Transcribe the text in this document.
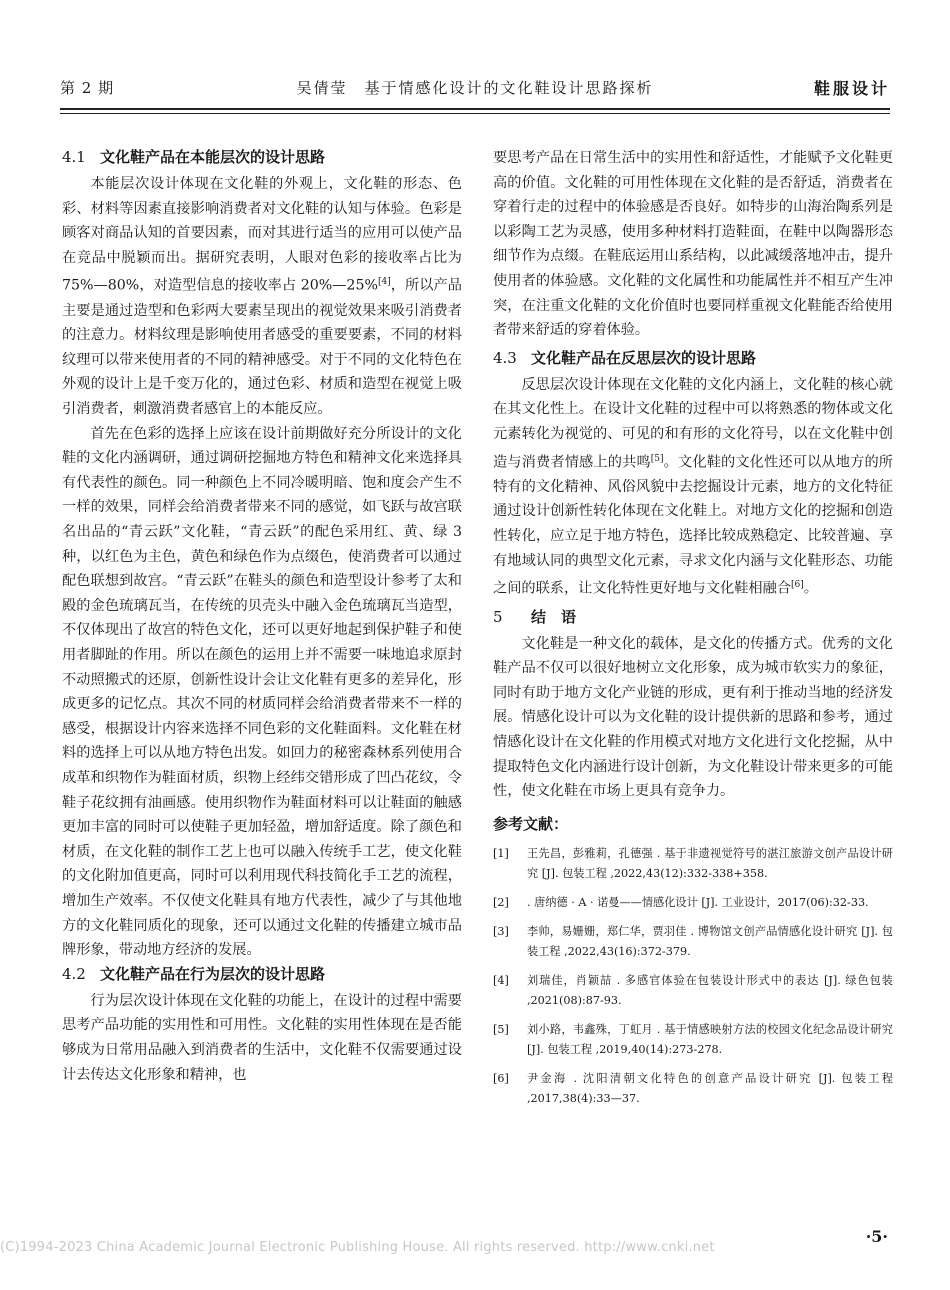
第 2 期	吴倩莹　基于情感化设计的文化鞋设计思路探析	鞋服设计
4.1 文化鞋产品在本能层次的设计思路

本能层次设计体现在文化鞋的外观上，文化鞋的形态、色彩、材料等因素直接影响消费者对文化鞋的认知与体验。色彩是顾客对商品认知的首要因素，而对其进行适当的应用可以使产品在竞品中脱颖而出。据研究表明，人眼对色彩的接收率占比为 75%—80%，对造型信息的接收率占 20%—25%[4]，所以产品主要是通过造型和色彩两大要素呈现出的视觉效果来吸引消费者的注意力。材料纹理是影响使用者感受的重要要素，不同的材料纹理可以带来使用者的不同的精神感受。对于不同的文化特色在外观的设计上是千变万化的，通过色彩、材质和造型在视觉上吸引消费者，刺激消费者感官上的本能反应。

首先在色彩的选择上应该在设计前期做好充分所设计的文化鞋的文化内涵调研，通过调研挖掘地方特色和精神文化来选择具有代表性的颜色。同一种颜色上不同冷暖明暗、饱和度会产生不一样的效果，同样会给消费者带来不同的感觉，如飞跃与故宫联名出品的“青云跃”文化鞋，“青云跃”的配色采用红、黄、绿 3 种，以红色为主色，黄色和绿色作为点缀色，使消费者可以通过配色联想到故宫。“青云跃”在鞋头的颜色和造型设计参考了太和殿的金色琉璃瓦当，在传统的贝壳头中融入金色琉璃瓦当造型，不仅体现出了故宫的特色文化，还可以更好地起到保护鞋子和使用者脚趾的作用。所以在颜色的运用上并不需要一味地追求原封不动照搬式的还原，创新性设计会让文化鞋有更多的差异化，形成更多的记忆点。其次不同的材质同样会给消费者带来不一样的感受，根据设计内容来选择不同色彩的文化鞋面料。文化鞋在材料的选择上可以从地方特色出发。如回力的秘密森林系列使用合成革和织物作为鞋面材质，织物上经纬交错形成了凹凸花纹，令鞋子花纹拥有油画感。使用织物作为鞋面材料可以让鞋面的触感更加丰富的同时可以使鞋子更加轻盈，增加舒适度。除了颜色和材质，在文化鞋的制作工艺上也可以融入传统手工艺，使文化鞋的文化附加值更高，同时可以利用现代科技简化手工艺的流程，增加生产效率。不仅使文化鞋具有地方代表性，减少了与其他地方的文化鞋同质化的现象，还可以通过文化鞋的传播建立城市品牌形象，带动地方经济的发展。

4.2 文化鞋产品在行为层次的设计思路

行为层次设计体现在文化鞋的功能上，在设计的过程中需要思考产品功能的实用性和可用性。文化鞋的实用性体现在是否能够成为日常用品融入到消费者的生活中，文化鞋不仅需要通过设计去传达文化形象和精神，也

要思考产品在日常生活中的实用性和舒适性，才能赋予文化鞋更高的价值。文化鞋的可用性体现在文化鞋的是否舒适，消费者在穿着行走的过程中的体验感是否良好。如特步的山海治陶系列是以彩陶工艺为灵感，使用多种材料打造鞋面，在鞋中以陶器形态细节作为点缀。在鞋底运用山系结构，以此减缓落地冲击，提升使用者的体验感。文化鞋的文化属性和功能属性并不相互产生冲突，在注重文化鞋的文化价值时也要同样重视文化鞋能否给使用者带来舒适的穿着体验。

4.3 文化鞋产品在反思层次的设计思路

反思层次设计体现在文化鞋的文化内涵上，文化鞋的核心就在其文化性上。在设计文化鞋的过程中可以将熟悉的物体或文化元素转化为视觉的、可见的和有形的文化符号，以在文化鞋中创造与消费者情感上的共鸣[5]。文化鞋的文化性还可以从地方的所特有的文化精神、风俗风貌中去挖掘设计元素，地方的文化特征通过设计创新性转化体现在文化鞋上。对地方文化的挖掘和创造性转化，应立足于地方特色，选择比较成熟稳定、比较普遍、享有地域认同的典型文化元素，寻求文化内涵与文化鞋形态、功能之间的联系，让文化特性更好地与文化鞋相融合[6]。

5 结　语

文化鞋是一种文化的载体，是文化的传播方式。优秀的文化鞋产品不仅可以很好地树立文化形象，成为城市软实力的象征，同时有助于地方文化产业链的形成，更有利于推动当地的经济发展。情感化设计可以为文化鞋的设计提供新的思路和参考，通过情感化设计在文化鞋的作用模式对地方文化进行文化挖掘，从中提取特色文化内涵进行设计创新，为文化鞋设计带来更多的可能性，使文化鞋在市场上更具有竞争力。

参考文献：
[1]	王先昌，彭雅莉，孔德强 . 基于非遗视觉符号的湛江旅游文创产品设计研究 [J]. 包装工程 ,2022,43(12):332-338+358.
[2]	. 唐纳德 · A · 诺曼——情感化设计 [J]. 工业设计，2017(06):32-33.
[3]	李帅，易姗姗，郑仁华，贾羽佳 . 博物馆文创产品情感化设计研究 [J]. 包装工程 ,2022,43(16):372-379.
[4]	刘瑞佳，肖颖喆 . 多感官体验在包装设计形式中的表达 [J]. 绿色包装 ,2021(08):87-93.
[5]	刘小路，韦鑫殊，丁虹月 . 基于情感映射方法的校园文化纪念品设计研究 [J]. 包装工程 ,2019,40(14):273-278.
[6]	尹金海 . 沈阳清朝文化特色的创意产品设计研究 [J]. 包装工程 ,2017,38(4):33—37.
(C)1994-2023 China Academic Journal Electronic Publishing House. All rights reserved. http://www.cnki.net
·5·
